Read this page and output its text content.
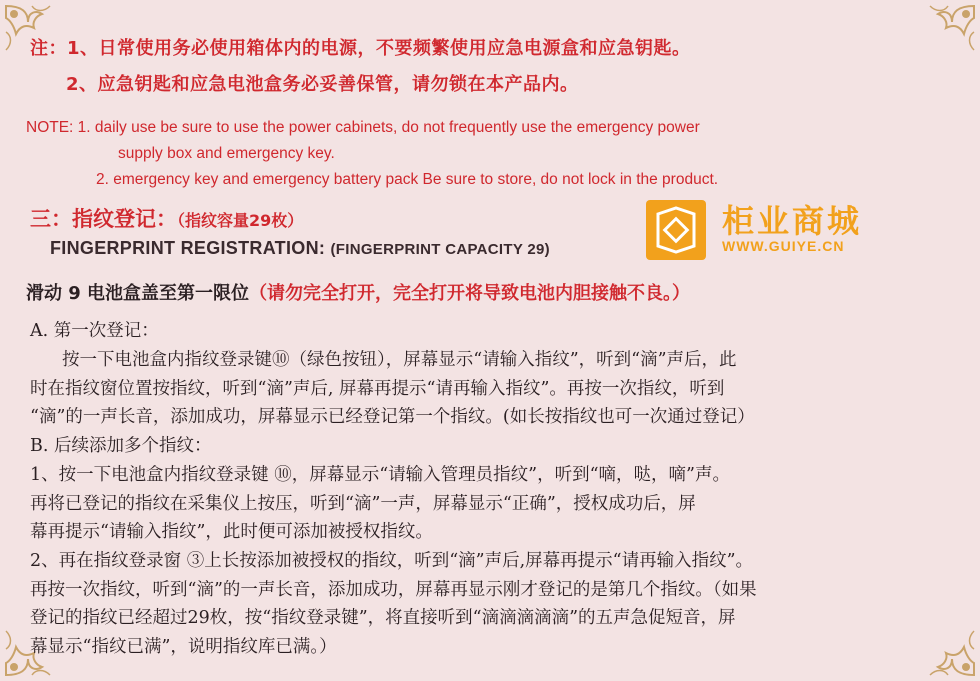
注：1、日常使用务必使用箱体内的电源，不要频繁使用应急电源盒和应急钥匙。
2、应急钥匙和应急电池盒务必妥善保管，请勿锁在本产品内。
NOTE: 1. daily use be sure to use the power cabinets, do not frequently use the emergency power
supply box and emergency key.
2. emergency key and emergency battery pack Be sure to store, do not lock in the product.
三：指纹登记：（指纹容量29枚）
FINGERPRINT REGISTRATION: (FINGERPRINT CAPACITY 29)
柜业商城
WWW.GUIYE.CN
滑动 9 电池盒盖至第一限位（请勿完全打开，完全打开将导致电池内胆接触不良。）
A. 第一次登记：
按一下电池盒内指纹登录键⑩（绿色按钮），屏幕显示“请输入指纹”，听到“滴”声后，此
时在指纹窗位置按指纹，听到“滴”声后, 屏幕再提示“请再输入指纹”。再按一次指纹，听到
“滴”的一声长音，添加成功，屏幕显示已经登记第一个指纹。(如长按指纹也可一次通过登记）
B. 后续添加多个指纹：
1、按一下电池盒内指纹登录键 ⑩，屏幕显示“请输入管理员指纹”，听到“嘀，哒，嘀”声。
再将已登记的指纹在采集仪上按压，听到“滴”一声，屏幕显示“正确”，授权成功后，屏
幕再提示“请输入指纹”，此时便可添加被授权指纹。
2、再在指纹登录窗 ③上长按添加被授权的指纹，听到“滴”声后,屏幕再提示“请再输入指纹”。
再按一次指纹，听到“滴”的一声长音，添加成功，屏幕再显示刚才登记的是第几个指纹。（如果
登记的指纹已经超过29枚，按“指纹登录键”，将直接听到“滴滴滴滴滴”的五声急促短音，屏
幕显示“指纹已满”，说明指纹库已满。）
